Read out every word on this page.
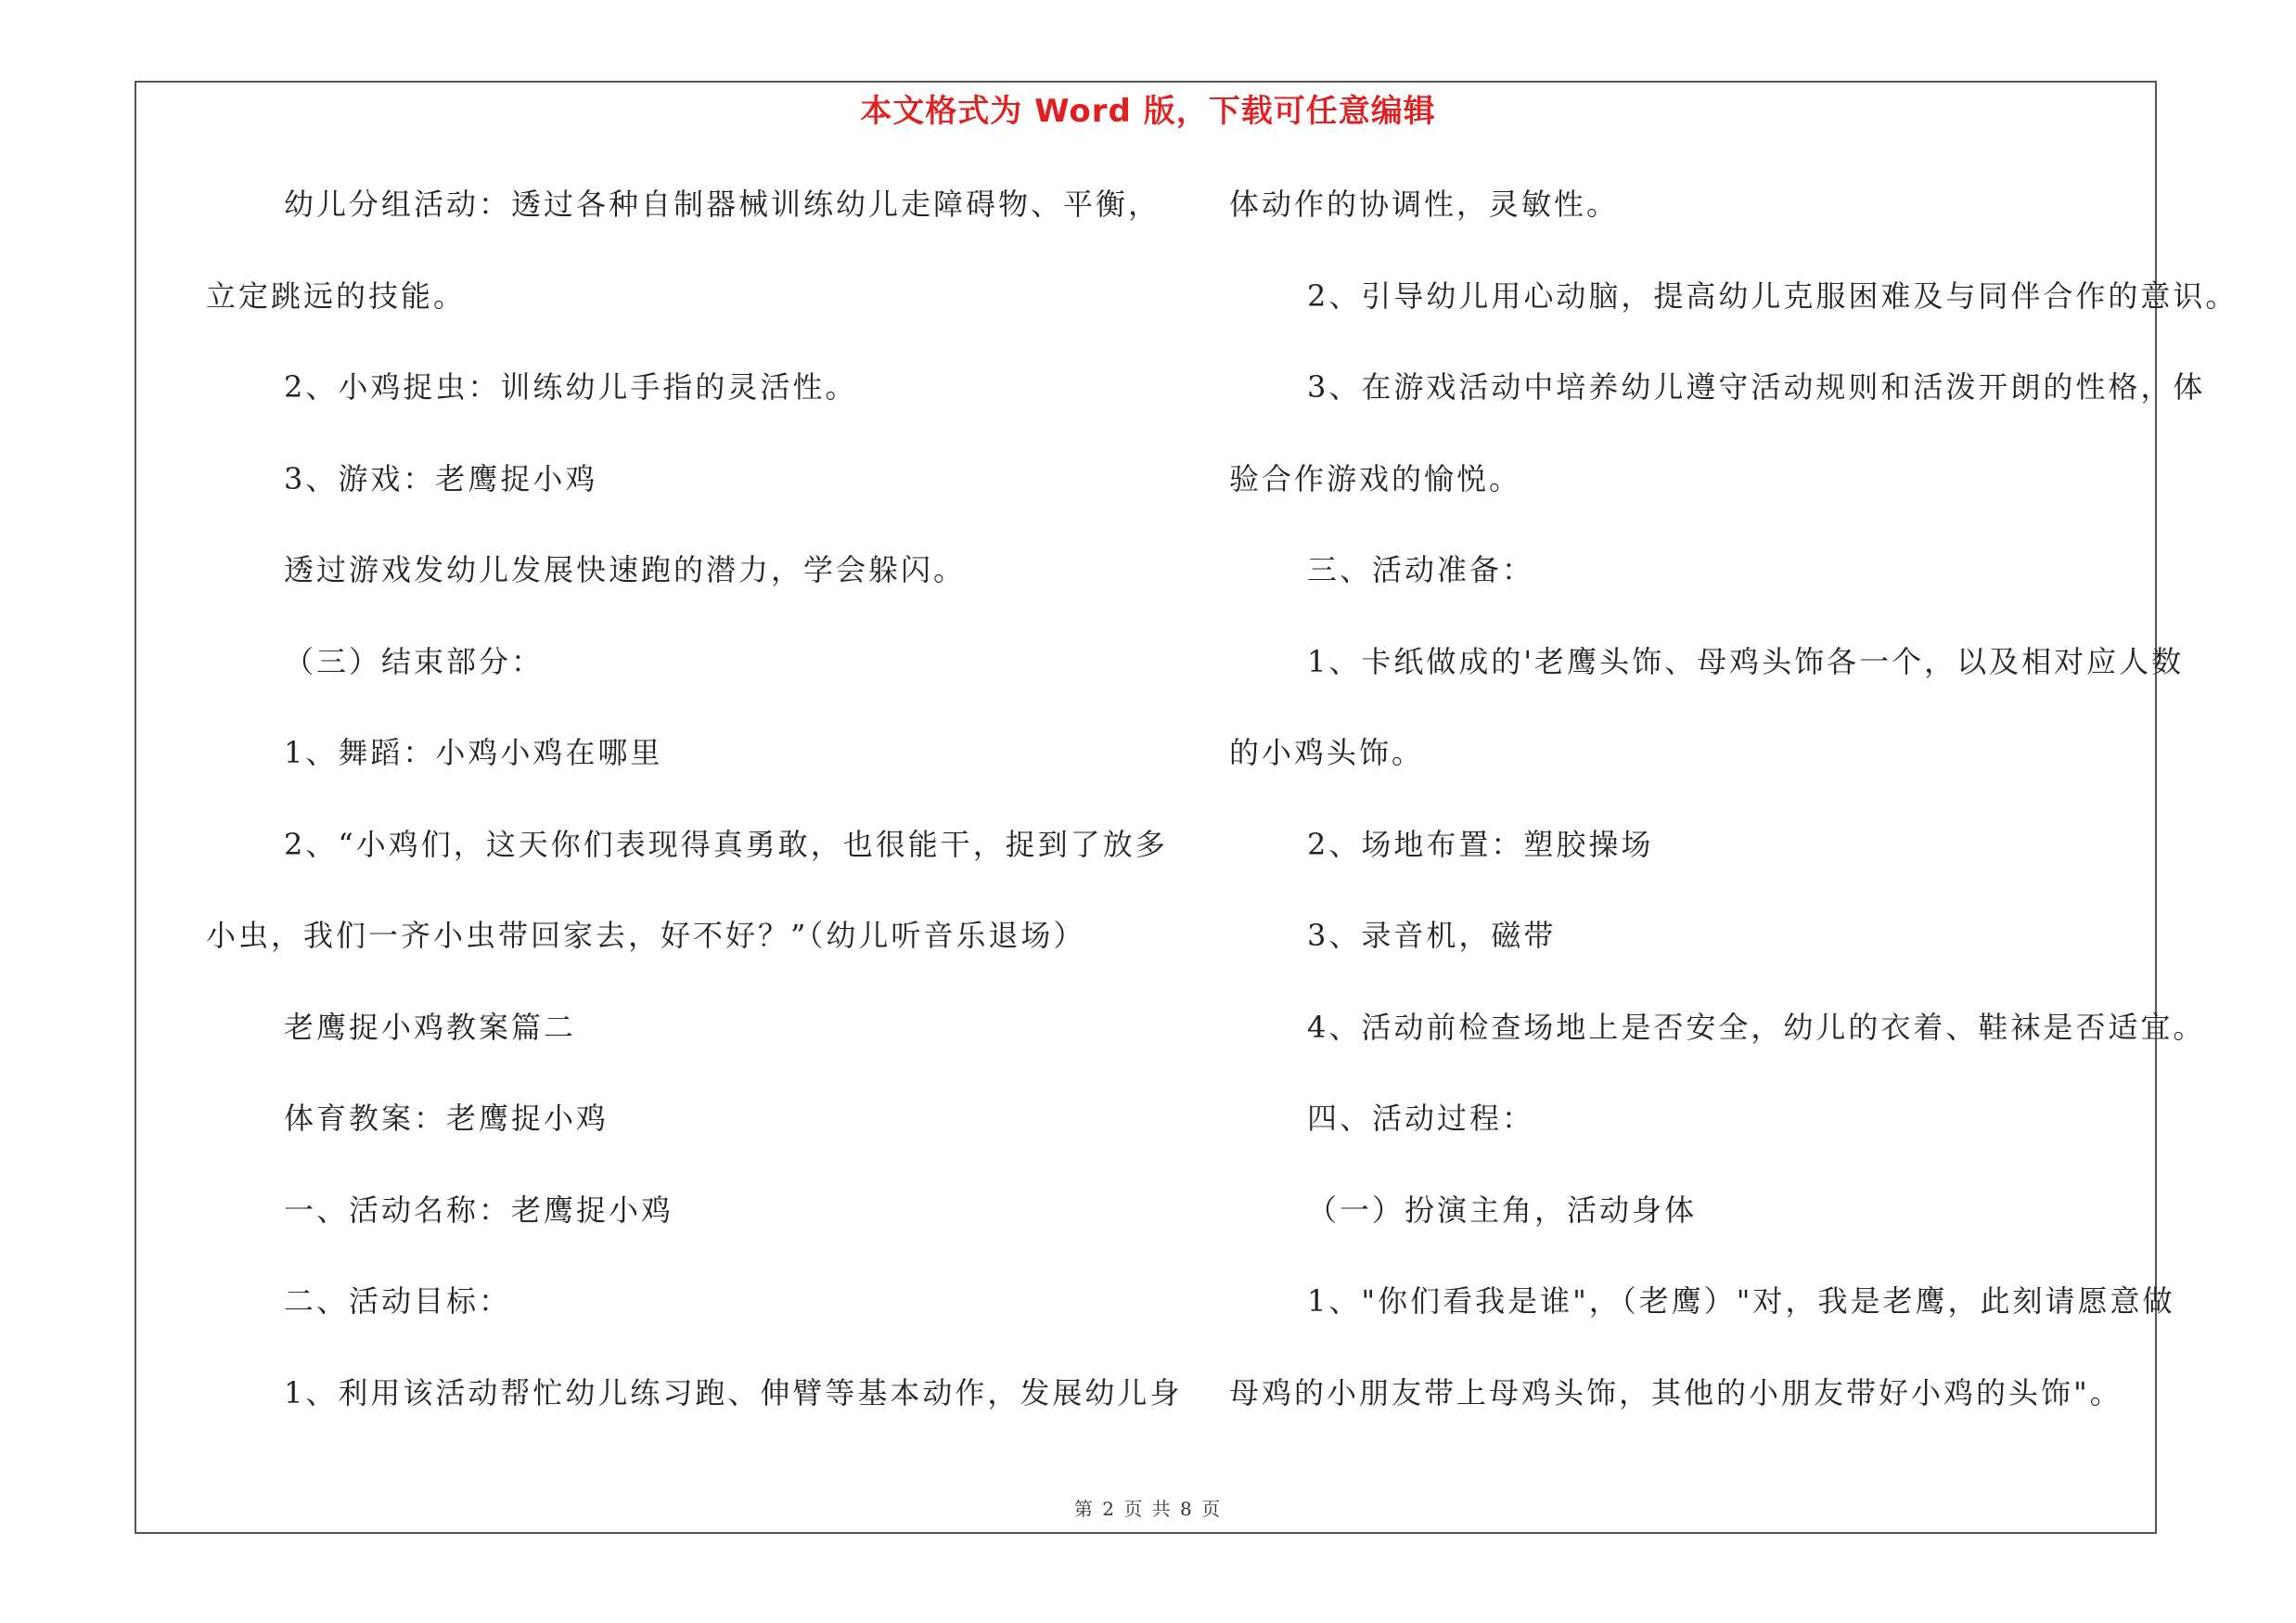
本文格式为 Word 版，下载可任意编辑
幼儿分组活动：透过各种自制器械训练幼儿走障碍物、平衡，
立定跳远的技能。
2、小鸡捉虫：训练幼儿手指的灵活性。
3、游戏：老鹰捉小鸡
透过游戏发幼儿发展快速跑的潜力，学会躲闪。
（三）结束部分：
1、舞蹈：小鸡小鸡在哪里
2、“小鸡们，这天你们表现得真勇敢，也很能干，捉到了放多
小虫，我们一齐小虫带回家去，好不好？”（幼儿听音乐退场）
老鹰捉小鸡教案篇二
体育教案：老鹰捉小鸡
一、活动名称：老鹰捉小鸡
二、活动目标：
1、利用该活动帮忙幼儿练习跑、伸臂等基本动作，发展幼儿身
体动作的协调性，灵敏性。
2、引导幼儿用心动脑，提高幼儿克服困难及与同伴合作的意识。
3、在游戏活动中培养幼儿遵守活动规则和活泼开朗的性格，体
验合作游戏的愉悦。
三、活动准备：
1、卡纸做成的'老鹰头饰、母鸡头饰各一个，以及相对应人数
的小鸡头饰。
2、场地布置：塑胶操场
3、录音机，磁带
4、活动前检查场地上是否安全，幼儿的衣着、鞋袜是否适宜。
四、活动过程：
（一）扮演主角，活动身体
1、"你们看我是谁"，（老鹰）"对，我是老鹰，此刻请愿意做
母鸡的小朋友带上母鸡头饰，其他的小朋友带好小鸡的头饰"。
第 2 页 共 8 页
